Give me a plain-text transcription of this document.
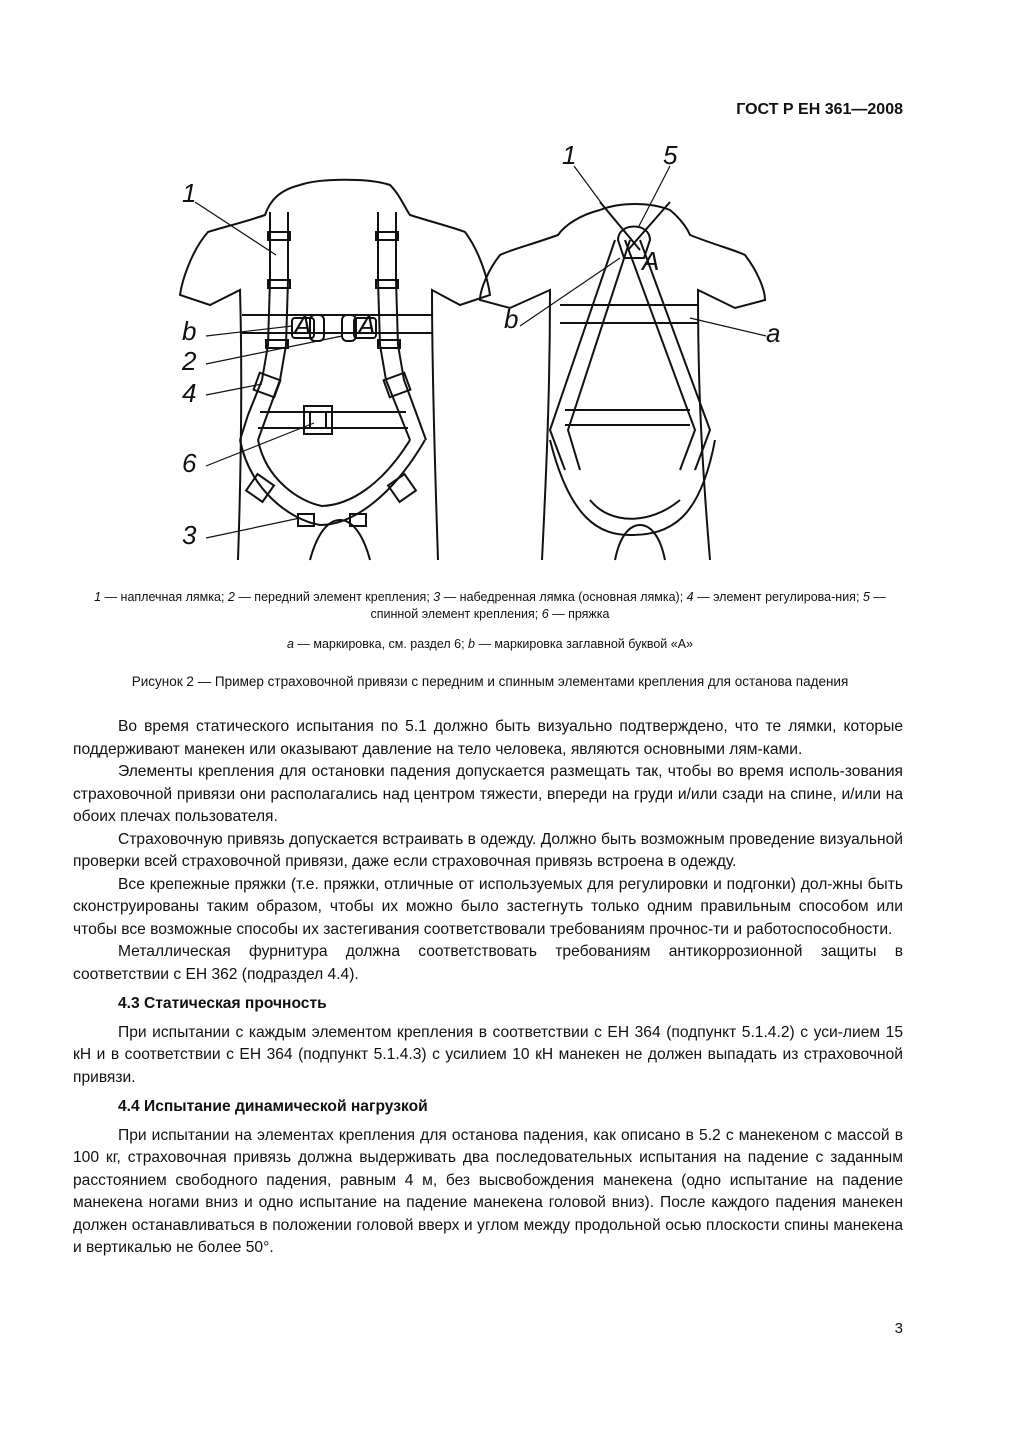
ГОСТ Р ЕН 361—2008
A
A A
1
b
2
4
6
3
1	5
b	a
1 — наплечная лямка; 2 — передний элемент крепления; 3 — набедренная лямка (основная лямка); 4 — элемент регулирова-ния; 5 — спинной элемент крепления; 6 — пряжка
a — маркировка, см. раздел 6; b — маркировка заглавной буквой «А»
Рисунок 2 — Пример страховочной привязи с передним и спинным элементами крепления для останова падения

Во время статического испытания по 5.1 должно быть визуально подтверждено, что те лямки, которые поддерживают манекен или оказывают давление на тело человека, являются основными лям-ками.

Элементы крепления для остановки падения допускается размещать так, чтобы во время исполь-зования страховочной привязи они располагались над центром тяжести, впереди на груди и/или сзади на спине, и/или на обоих плечах пользователя.

Страховочную привязь допускается встраивать в одежду. Должно быть возможным проведение визуальной проверки всей страховочной привязи, даже если страховочная привязь встроена в одежду.

Все крепежные пряжки (т.е. пряжки, отличные от используемых для регулировки и подгонки) дол-жны быть сконструированы таким образом, чтобы их можно было застегнуть только одним правильным способом или чтобы все возможные способы их застегивания соответствовали требованиям прочнос-ти и работоспособности.

Металлическая фурнитура должна соответствовать требованиям антикоррозионной защиты в соответствии с ЕН 362 (подраздел 4.4).

4.3 Статическая прочность

При испытании с каждым элементом крепления в соответствии с ЕН 364 (подпункт 5.1.4.2) с уси-лием 15 кН и в соответствии с ЕН 364 (подпункт 5.1.4.3) с усилием 10 кН манекен не должен выпадать из страховочной привязи.

4.4 Испытание динамической нагрузкой

При испытании на элементах крепления для останова падения, как описано в 5.2 с манекеном с массой в 100 кг, страховочная привязь должна выдерживать два последовательных испытания на падение с заданным расстоянием свободного падения, равным 4 м, без высвобождения манекена (одно испытание на падение манекена ногами вниз и одно испытание на падение манекена головой вниз). После каждого падения манекен должен останавливаться в положении головой вверх и углом между продольной осью плоскости спины манекена и вертикалью не более 50°.

3
